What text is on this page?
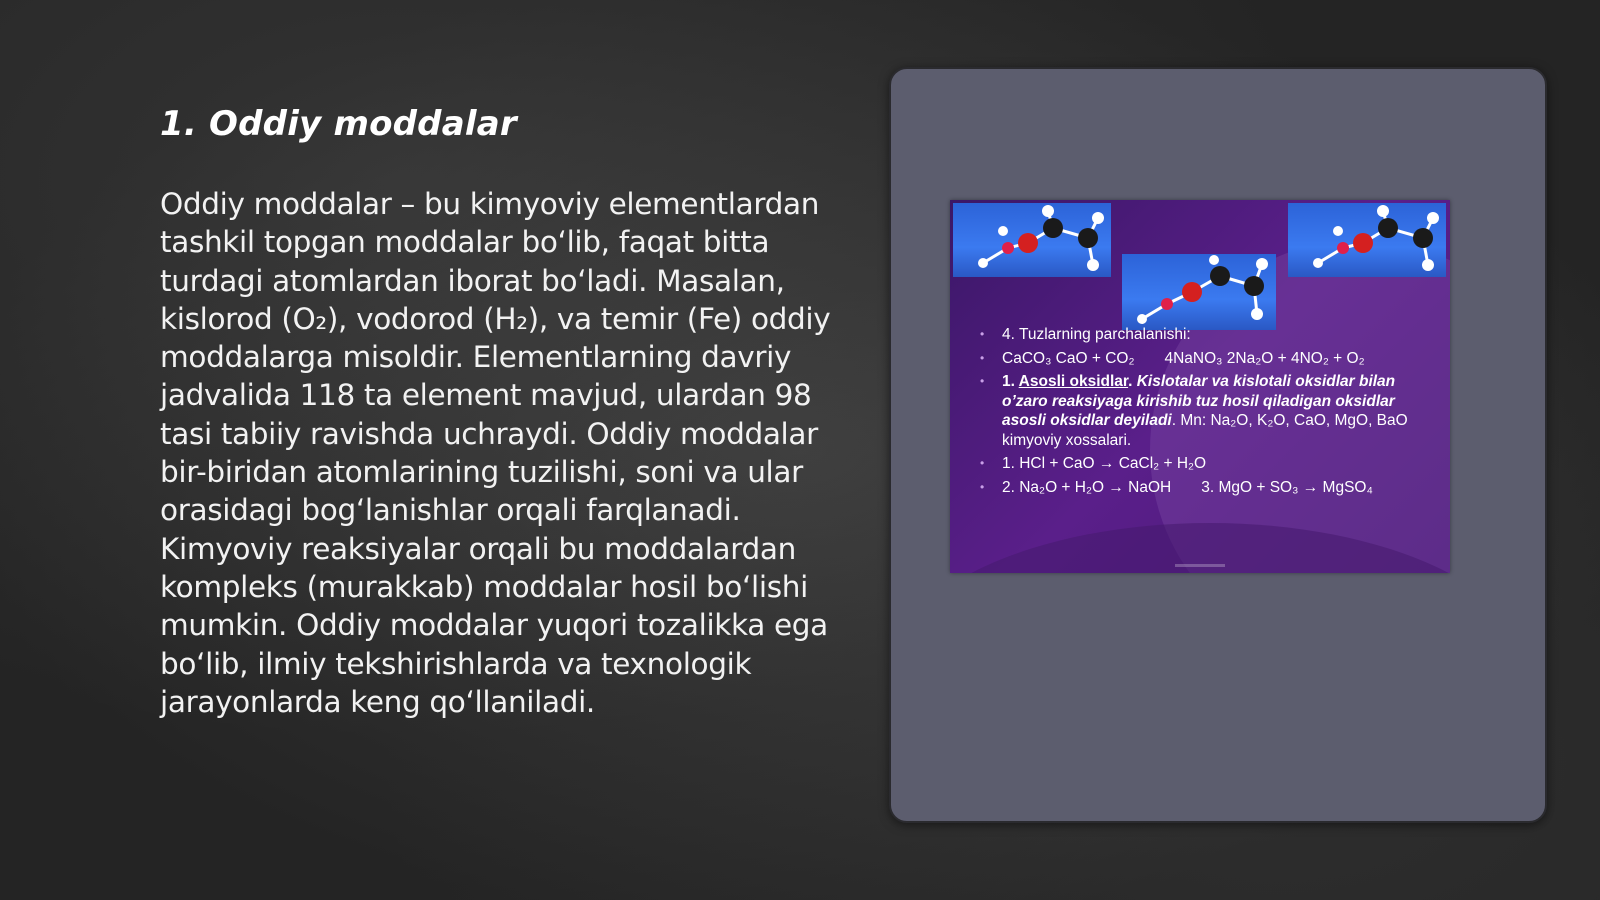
1. Oddiy moddalar

Oddiy moddalar – bu kimyoviy elementlardan tashkil topgan moddalar bo‘lib, faqat bitta turdagi atomlardan iborat bo‘ladi. Masalan, kislorod (O₂), vodorod (H₂), va temir (Fe) oddiy moddalarga misoldir. Elementlarning davriy jadvalida 118 ta element mavjud, ulardan 98 tasi tabiiy ravishda uchraydi. Oddiy moddalar bir-biridan atomlarining tuzilishi, soni va ular orasidagi bog‘lanishlar orqali farqlanadi. Kimyoviy reaksiyalar orqali bu moddalardan kompleks (murakkab) moddalar hosil bo‘lishi mumkin. Oddiy moddalar yuqori tozalikka ega bo‘lib, ilmiy tekshirishlarda va texnologik jarayonlarda keng qo‘llaniladi.

• 4. Tuzlarning parchalanishi:
• CaCO₃ CaO + CO₂ 4NaNO₃ 2Na₂O + 4NO₂ + O₂
• 1. Asosli oksidlar. Kislotalar va kislotali oksidlar bilan o’zaro reaksiyaga kirishib tuz hosil qiladigan oksidlar asosli oksidlar deyiladi. Mn: Na₂O, K₂O, CaO, MgO, BaO kimyoviy xossalari.
• 1. HCl + CaO → CaCl₂ + H₂O
• 2. Na₂O + H₂O → NaOH 3. MgO + SO₃ → MgSO₄
